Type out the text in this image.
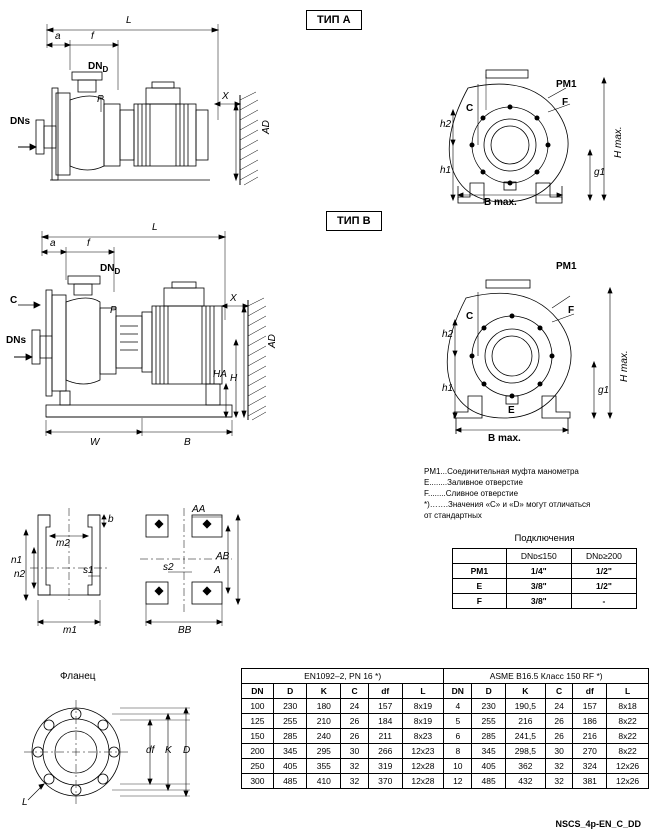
ТИП А
ТИП В
Фланец
L
a	f
$DN_D$
DNs
P	X
AD	h2
C
h1
PM1
F
H max.
g1
B max.
L
a	f
C
$DN_D$
DNs
P
X
AD
HA H
W	B
h2
C
h1
PM1
F
E
H max.
g1
B max.
b
m2
n1
n2	s1	s2
m1
AA
AB
A
BB
df K D
L
PM1...Соединительная муфта манометра
E........Заливное отверстие
F........Сливное отверстие
*)…….Значения «C» и «D» могут отличаться
от стандартных
Подключения
	DNᴅ≤150	DNᴅ≥200
PM1	1/4"	1/2"
E	3/8"	1/2"
F	3/8"	-
EN1092–2, PN 16 *)						ASME B16.5 Класс 150 RF *)					
DN	D	K	C	df	L	DN	D	K	C	df	L
100	230	180	24	157	8x19	4	230	190,5	24	157	8x18
125	255	210	26	184	8x19	5	255	216	26	186	8x22
150	285	240	26	211	8x23	6	285	241,5	26	216	8x22
200	345	295	30	266	12x23	8	345	298,5	30	270	8x22
250	405	355	32	319	12x28	10	405	362	32	324	12x26
300	485	410	32	370	12x28	12	485	432	32	381	12x26
NSCS_4p-EN_C_DD
